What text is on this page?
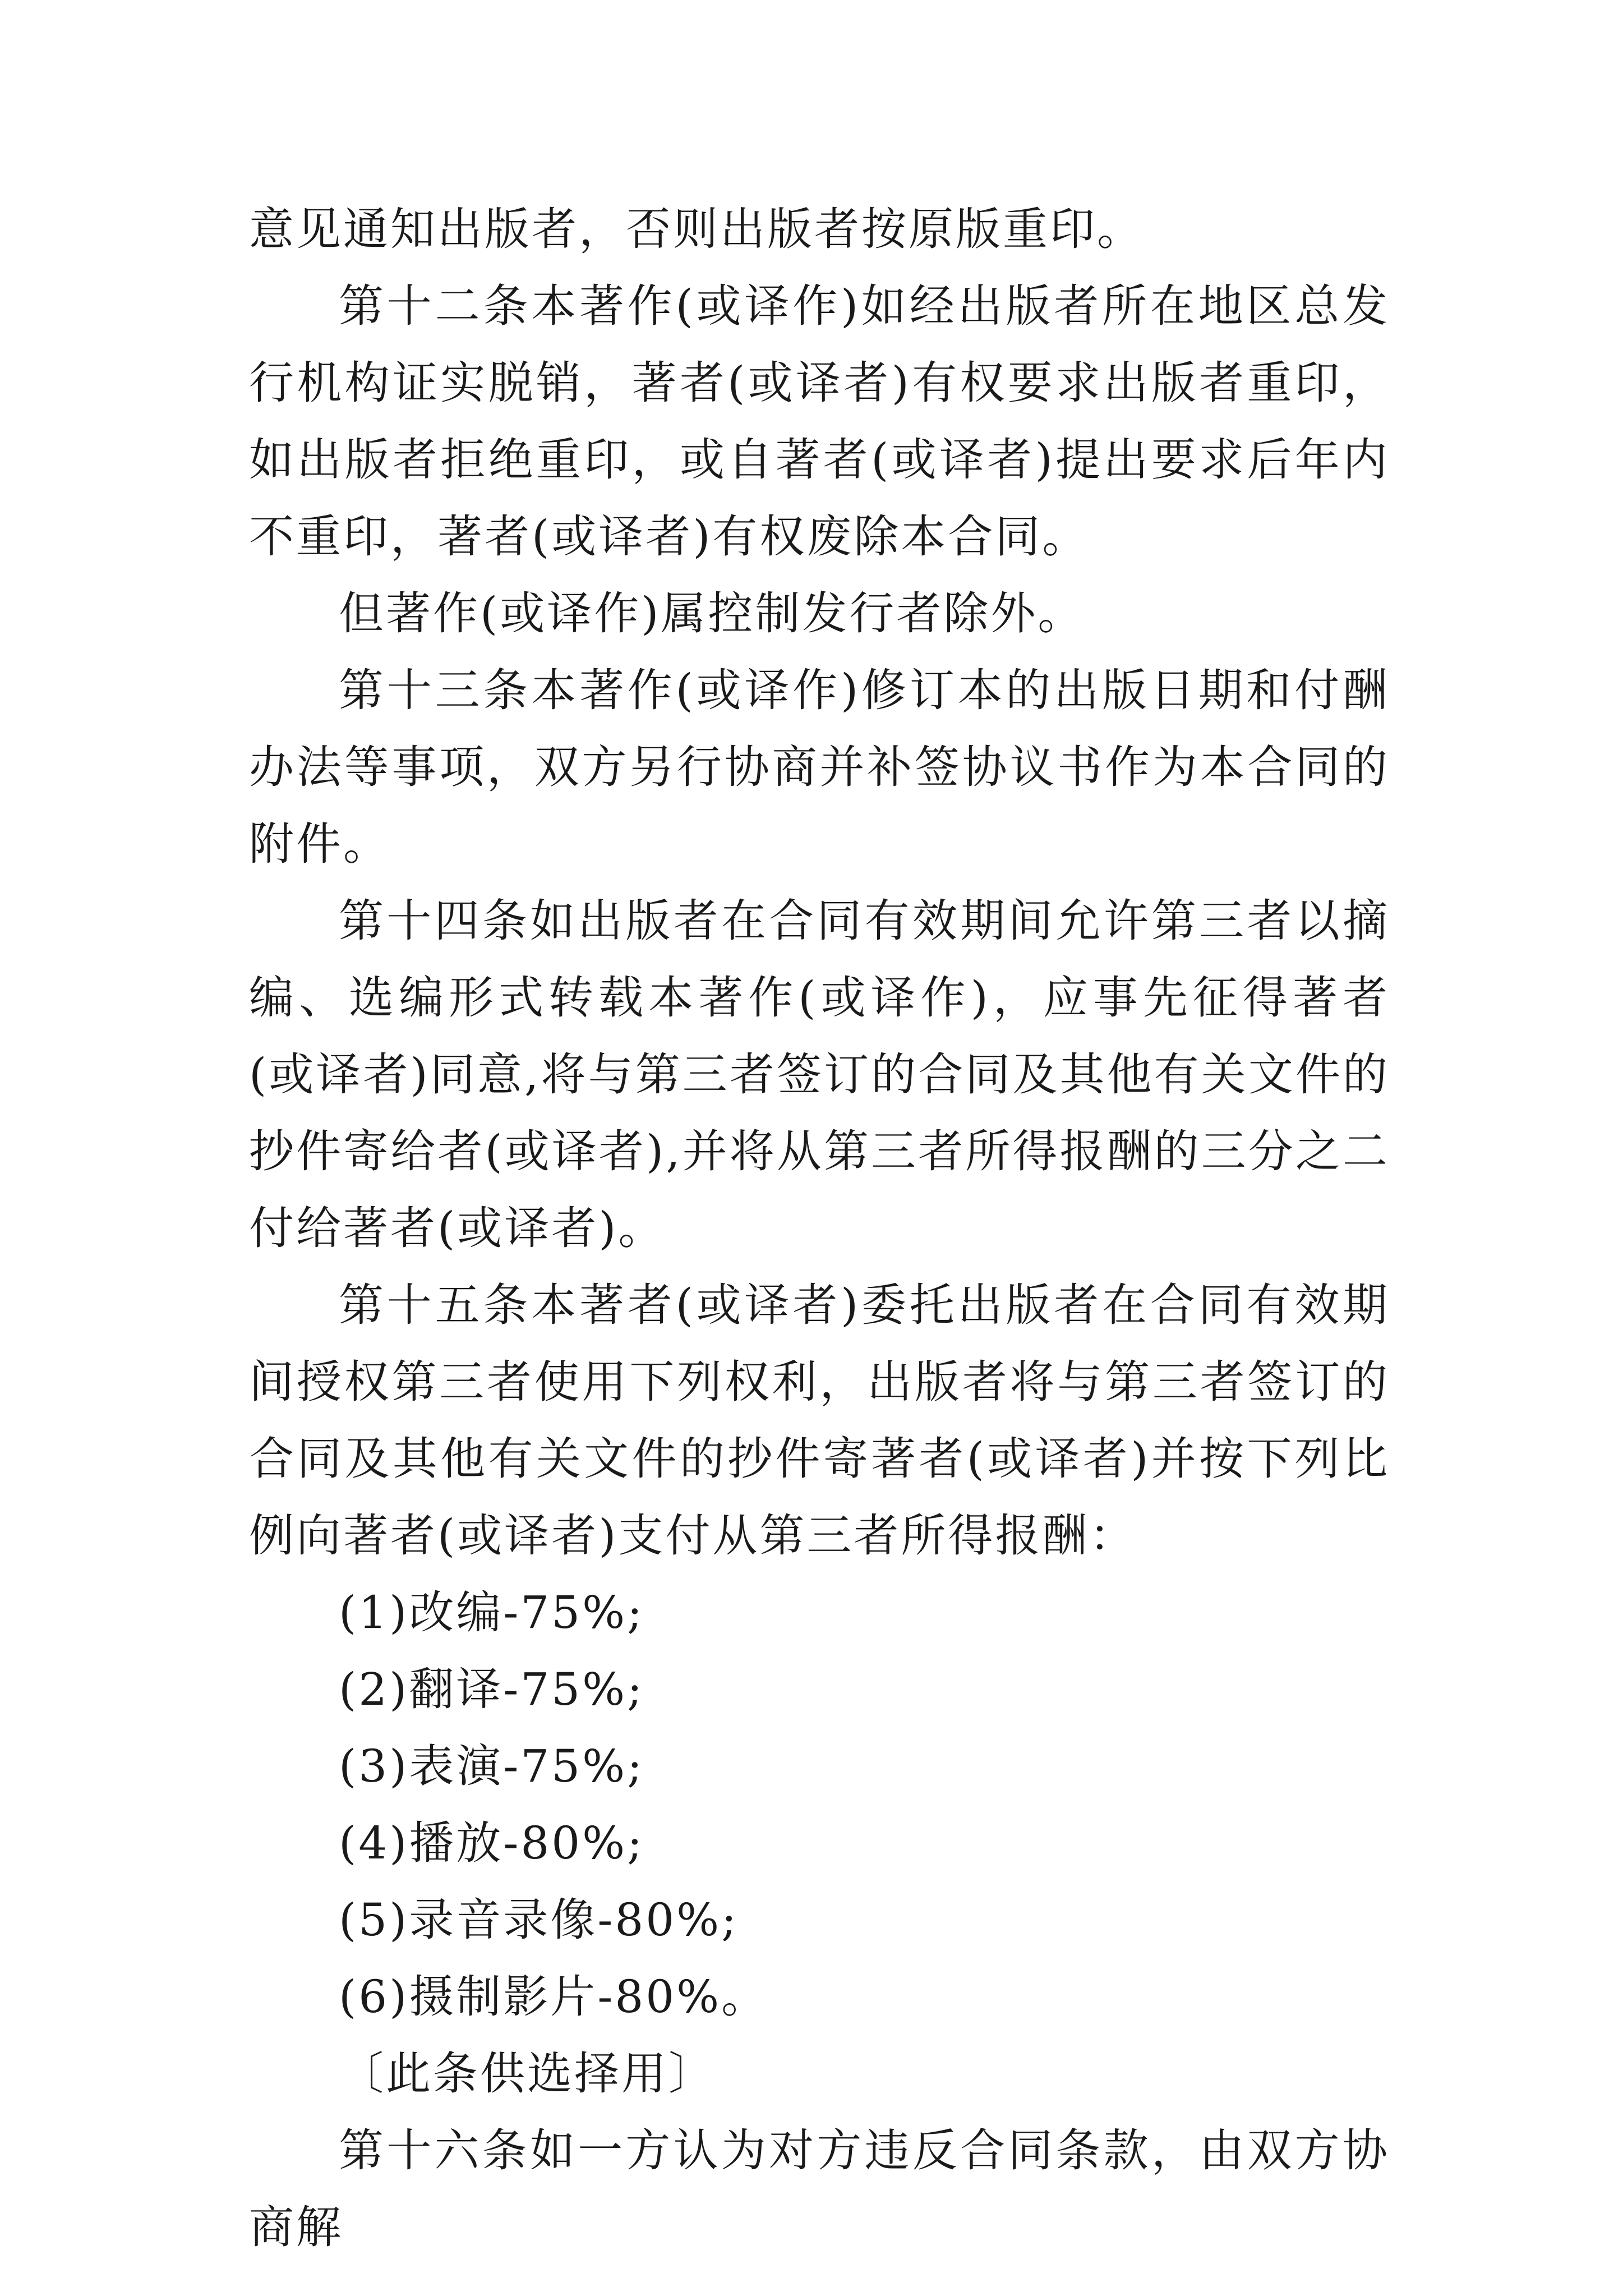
意见通知出版者，否则出版者按原版重印。

第十二条本著作(或译作)如经出版者所在地区总发行机构证实脱销，著者(或译者)有权要求出版者重印，如出版者拒绝重印，或自著者(或译者)提出要求后年内不重印，著者(或译者)有权废除本合同。

但著作(或译作)属控制发行者除外。

第十三条本著作(或译作)修订本的出版日期和付酬办法等事项，双方另行协商并补签协议书作为本合同的附件。

第十四条如出版者在合同有效期间允许第三者以摘编、选编形式转载本著作(或译作)，应事先征得著者(或译者)同意,将与第三者签订的合同及其他有关文件的抄件寄给者(或译者),并将从第三者所得报酬的三分之二付给著者(或译者)。

第十五条本著者(或译者)委托出版者在合同有效期间授权第三者使用下列权利，出版者将与第三者签订的合同及其他有关文件的抄件寄著者(或译者)并按下列比例向著者(或译者)支付从第三者所得报酬：

(1)改编-75%;

(2)翻译-75%;

(3)表演-75%;

(4)播放-80%;

(5)录音录像-80%;

(6)摄制影片-80%。

〔此条供选择用〕

第十六条如一方认为对方违反合同条款，由双方协商解
